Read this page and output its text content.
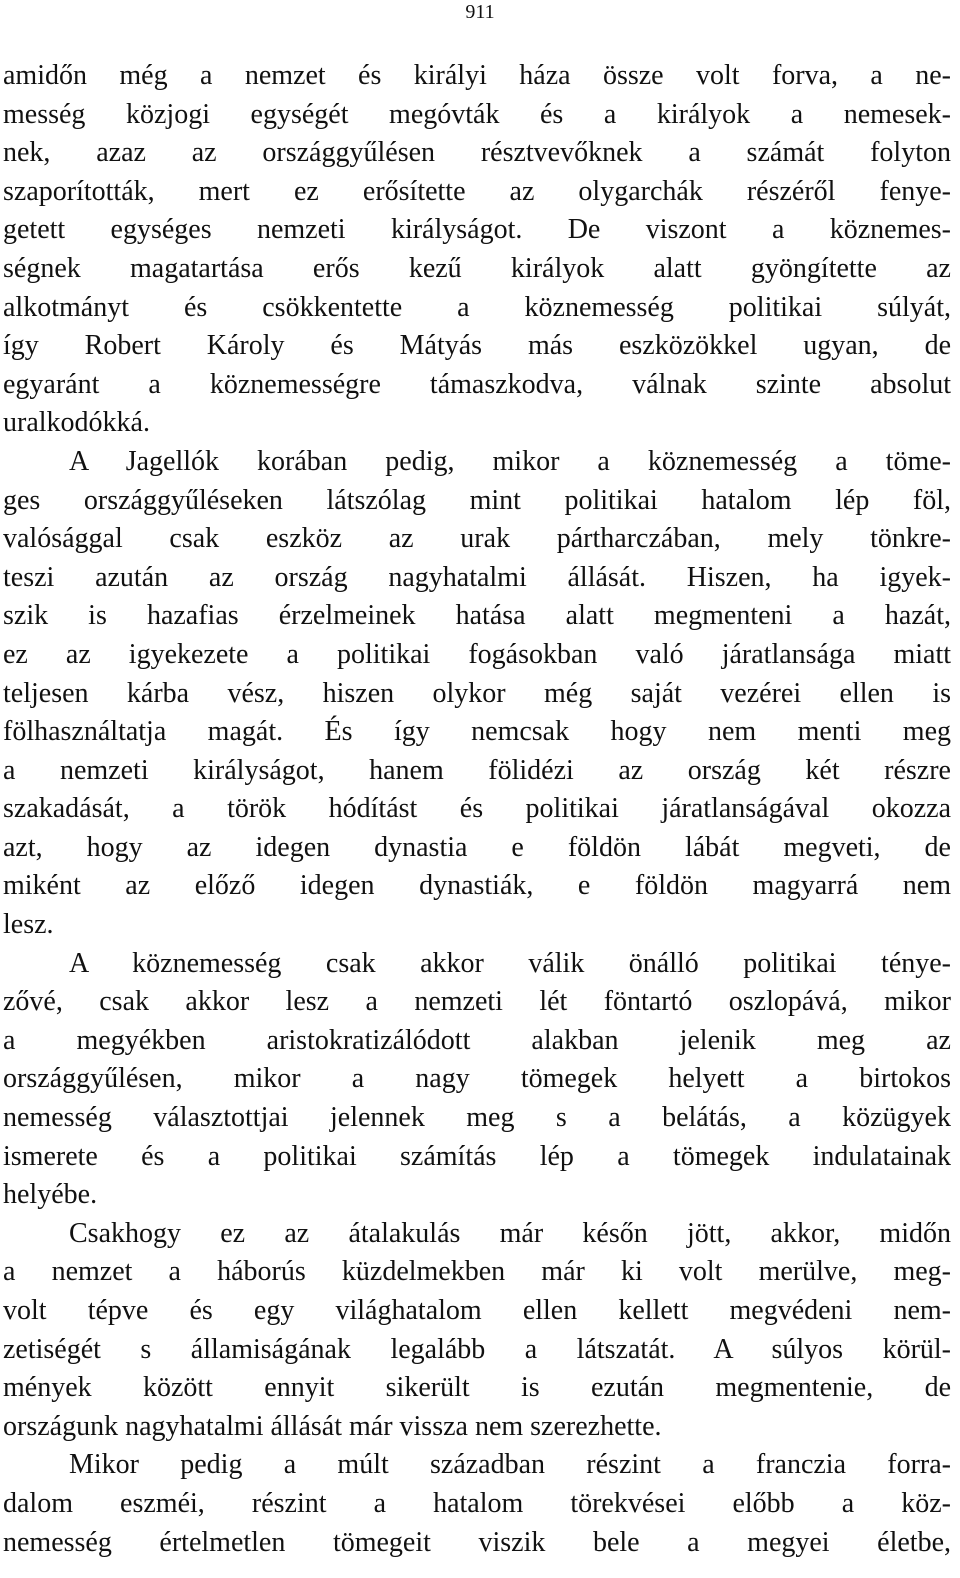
911
amidőn még a nemzet és királyi háza össze volt forva, a ne-
messég közjogi egységét megóvták és a királyok a nemesek-
nek, azaz az országgyűlésen résztvevőknek a számát folyton
szaporították, mert ez erősítette az olygarchák részéről fenye-
getett egységes nemzeti királyságot. De viszont a köznemes-
ségnek magatartása erős kezű királyok alatt gyöngítette az
alkotmányt és csökkentette a köznemesség politikai súlyát,
így Robert Károly és Mátyás más eszközökkel ugyan, de
egyaránt a köznemességre támaszkodva, válnak szinte absolut
uralkodókká.
A Jagellók korában pedig, mikor a köznemesség a töme-
ges országgyűléseken látszólag mint politikai hatalom lép föl,
valósággal csak eszköz az urak pártharczában, mely tönkre-
teszi azután az ország nagyhatalmi állását. Hiszen, ha igyek-
szik is hazafias érzelmeinek hatása alatt megmenteni a hazát,
ez az igyekezete a politikai fogásokban való járatlansága miatt
teljesen kárba vész, hiszen olykor még saját vezérei ellen is
fölhasználtatja magát. És így nemcsak hogy nem menti meg
a nemzeti királyságot, hanem fölidézi az ország két részre
szakadását, a török hódítást és politikai járatlanságával okozza
azt, hogy az idegen dynastia e földön lábát megveti, de
miként az előző idegen dynastiák, e földön magyarrá nem
lesz.
A köznemesség csak akkor válik önálló politikai ténye-
zővé, csak akkor lesz a nemzeti lét föntartó oszlopává, mikor
a megyékben aristokratizálódott alakban jelenik meg az
országgyűlésen, mikor a nagy tömegek helyett a birtokos
nemesség választottjai jelennek meg s a belátás, a közügyek
ismerete és a politikai számítás lép a tömegek indulatainak
helyébe.
Csakhogy ez az átalakulás már későn jött, akkor, midőn
a nemzet a háborús küzdelmekben már ki volt merülve, meg-
volt tépve és egy világhatalom ellen kellett megvédeni nem-
zetiségét s államiságának legalább a látszatát. A súlyos körül-
mények között ennyit sikerült is ezután megmentenie, de
országunk nagyhatalmi állását már vissza nem szerezhette.
Mikor pedig a múlt században részint a franczia forra-
dalom eszméi, részint a hatalom törekvései előbb a köz-
nemesség értelmetlen tömegeit viszik bele a megyei életbe,
